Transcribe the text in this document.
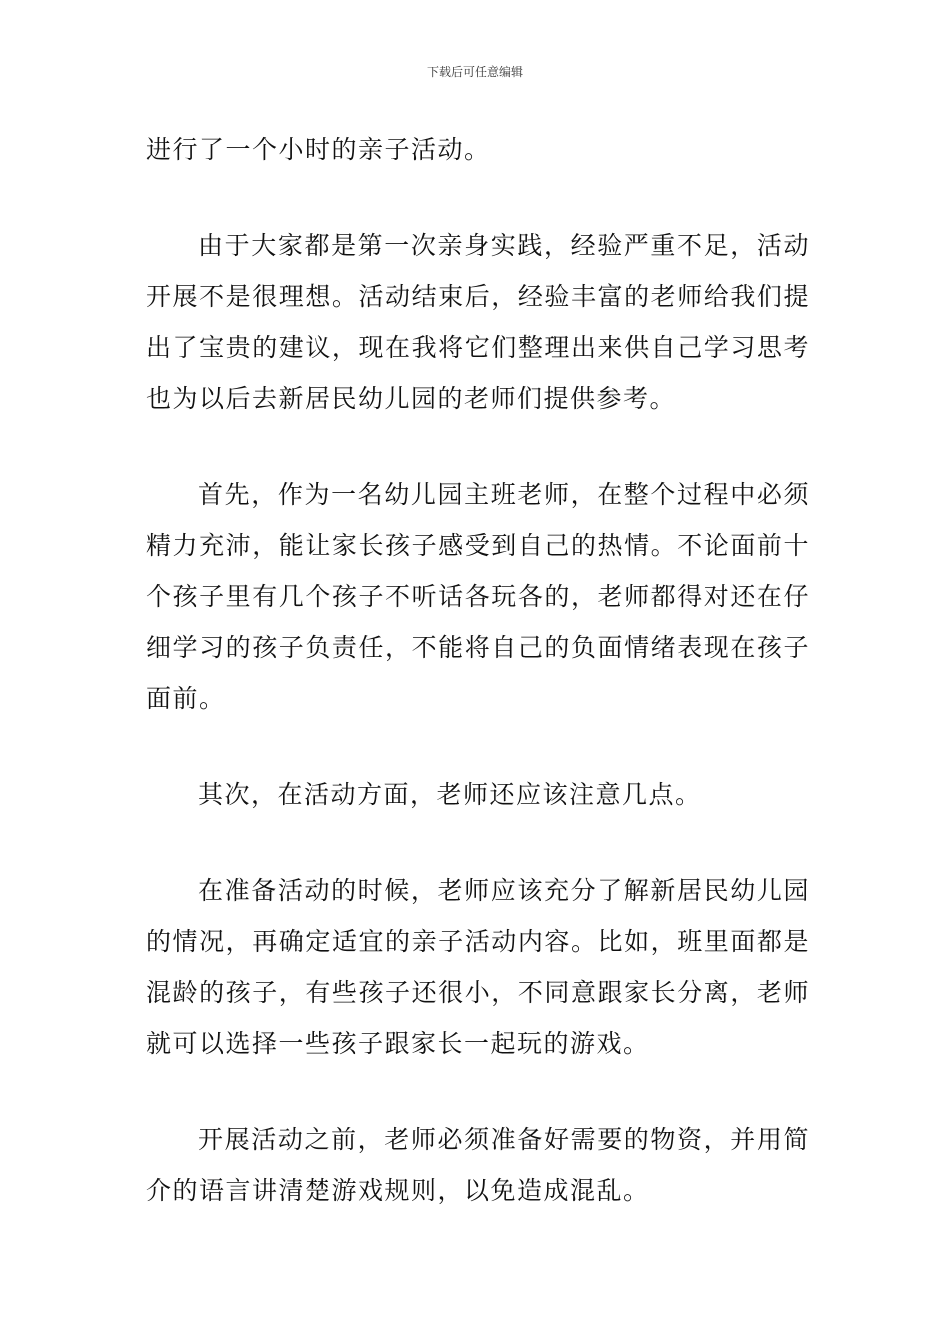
下载后可任意编辑

进行了一个小时的亲子活动。

由于大家都是第一次亲身实践，经验严重不足，活动开展不是很理想。活动结束后，经验丰富的老师给我们提出了宝贵的建议，现在我将它们整理出来供自己学习思考也为以后去新居民幼儿园的老师们提供参考。

首先，作为一名幼儿园主班老师，在整个过程中必须精力充沛，能让家长孩子感受到自己的热情。不论面前十个孩子里有几个孩子不听话各玩各的，老师都得对还在仔细学习的孩子负责任，不能将自己的负面情绪表现在孩子面前。

其次，在活动方面，老师还应该注意几点。

在准备活动的时候，老师应该充分了解新居民幼儿园的情况，再确定适宜的亲子活动内容。比如，班里面都是混龄的孩子，有些孩子还很小，不同意跟家长分离，老师就可以选择一些孩子跟家长一起玩的游戏。

开展活动之前，老师必须准备好需要的物资，并用简介的语言讲清楚游戏规则，以免造成混乱。
